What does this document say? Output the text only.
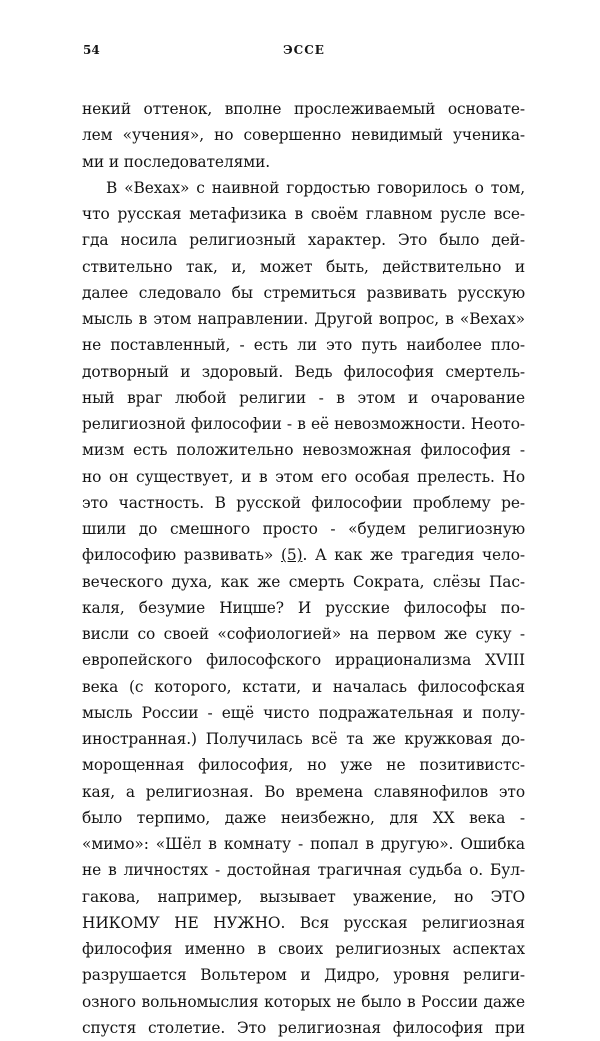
54	ЭССЕ
некий оттенок, вполне прослеживаемый основате-
лем «учения», но совершенно невидимый ученика-
ми и последователями.
В «Вехах» с наивной гордостью говорилось о том,
что русская метафизика в своём главном русле все-
гда носила религиозный характер. Это было дей-
ствительно так, и, может быть, действительно и
далее следовало бы стремиться развивать русскую
мысль в этом направлении. Другой вопрос, в «Вехах»
не поставленный, - есть ли это путь наиболее пло-
дотворный и здоровый. Ведь философия смертель-
ный враг любой религии - в этом и очарование
религиозной философии - в её невозможности. Неото-
мизм есть положительно невозможная философия -
но он существует, и в этом его особая прелесть. Но
это частность. В русской философии проблему ре-
шили до смешного просто - «будем религиозную
философию развивать» (5). А как же трагедия чело-
веческого духа, как же смерть Сократа, слёзы Пас-
каля, безумие Ницше? И русские философы по-
висли со своей «софиологией» на первом же суку -
европейского философского иррационализма XVIII
века (с которого, кстати, и началась философская
мысль России - ещё чисто подражательная и полу-
иностранная.) Получилась всё та же кружковая до-
морощенная философия, но уже не позитивистс-
кая, а религиозная. Во времена славянофилов это
было терпимо, даже неизбежно, для XX века -
«мимо»: «Шёл в комнату - попал в другую». Ошибка
не в личностях - достойная трагичная судьба о. Бул-
гакова, например, вызывает уважение, но ЭТО
НИКОМУ НЕ НУЖНО. Вся русская религиозная
философия именно в своих религиозных аспектах
разрушается Вольтером и Дидро, уровня религи-
озного вольномыслия которых не было в России даже
спустя столетие. Это религиозная философия при
